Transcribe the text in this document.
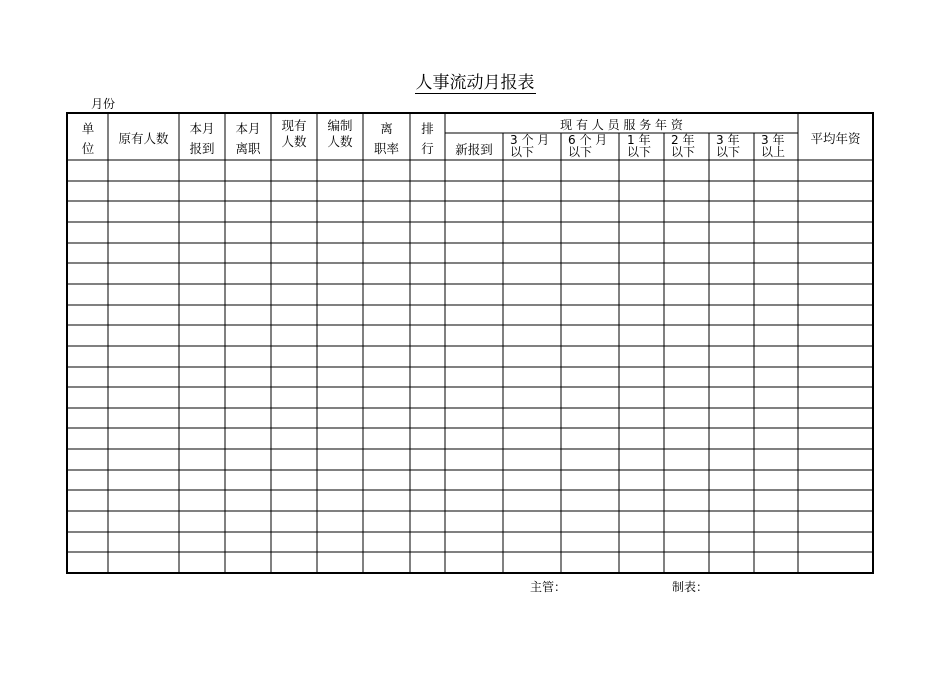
人事流动月报表
月份
单
位
原有人数
本月
报到
本月
离职
现有
人数
编制
人数
离
职率
排
行
现 有 人 员 服 务 年 资
新报到
3 个 月
以下
6 个 月
以下
1 年
以下
2 年
以下
3 年
以下
3 年
以上
平均年资
主管：	制表：
